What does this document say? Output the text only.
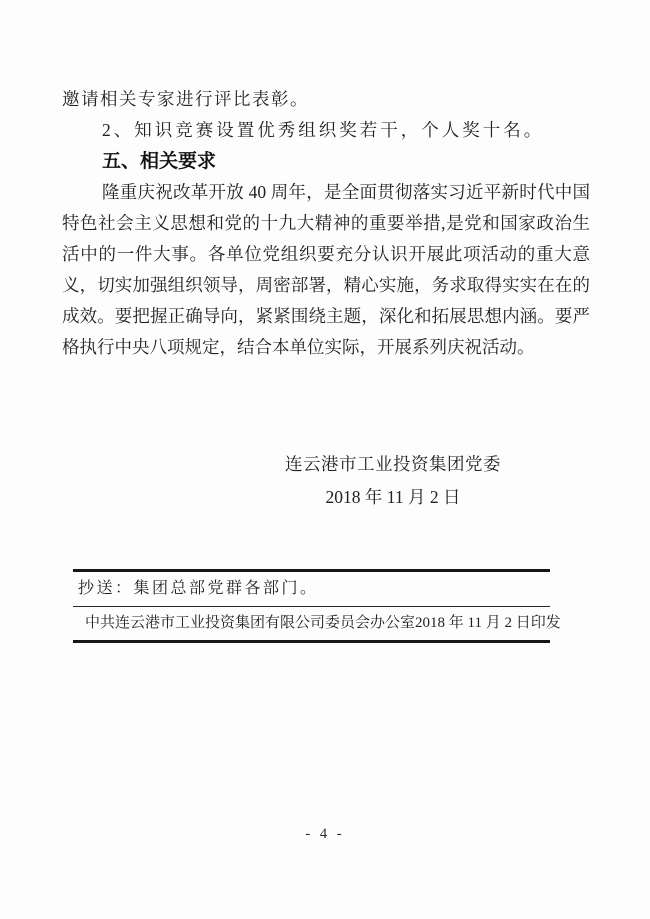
邀请相关专家进行评比表彰。
2、知识竞赛设置优秀组织奖若干，个人奖十名。
五、相关要求
隆重庆祝改革开放 40 周年，是全面贯彻落实习近平新时代中国
特色社会主义思想和党的十九大精神的重要举措,是党和国家政治生
活中的一件大事。各单位党组织要充分认识开展此项活动的重大意
义，切实加强组织领导，周密部署，精心实施，务求取得实实在在的
成效。要把握正确导向，紧紧围绕主题，深化和拓展思想内涵。要严
格执行中央八项规定，结合本单位实际，开展系列庆祝活动。
连云港市工业投资集团党委
2018 年 11 月 2 日
抄送：集团总部党群各部门。
中共连云港市工业投资集团有限公司委员会办公室 2018 年 11 月 2 日印发
- 4 -
